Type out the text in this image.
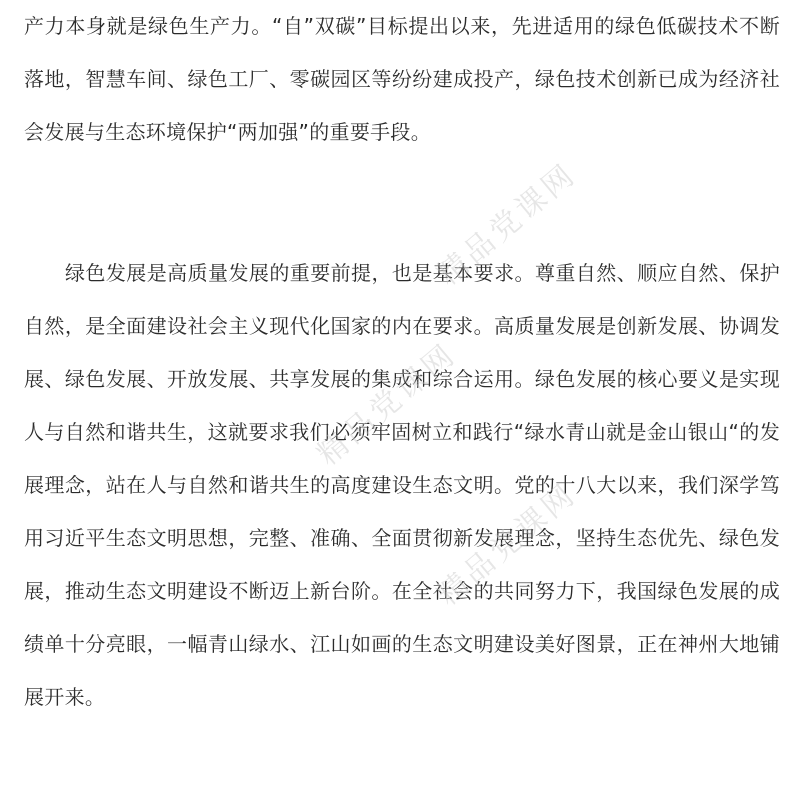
产力本身就是绿色生产力。“自”双碳”目标提出以来，先进适用的绿色低碳技术不断落地，智慧车间、绿色工厂、零碳园区等纷纷建成投产，绿色技术创新已成为经济社会发展与生态环境保护“两加强”的重要手段。

绿色发展是高质量发展的重要前提，也是基本要求。尊重自然、顺应自然、保护自然，是全面建设社会主义现代化国家的内在要求。高质量发展是创新发展、协调发展、绿色发展、开放发展、共享发展的集成和综合运用。绿色发展的核心要义是实现人与自然和谐共生，这就要求我们必须牢固树立和践行“绿水青山就是金山银山“的发展理念，站在人与自然和谐共生的高度建设生态文明。党的十八大以来，我们深学笃用习近平生态文明思想，完整、准确、全面贯彻新发展理念，坚持生态优先、绿色发展，推动生态文明建设不断迈上新台阶。在全社会的共同努力下，我国绿色发展的成绩单十分亮眼，一幅青山绿水、江山如画的生态文明建设美好图景，正在神州大地铺展开来。

精品党课网
精品党课网
精品党课网
